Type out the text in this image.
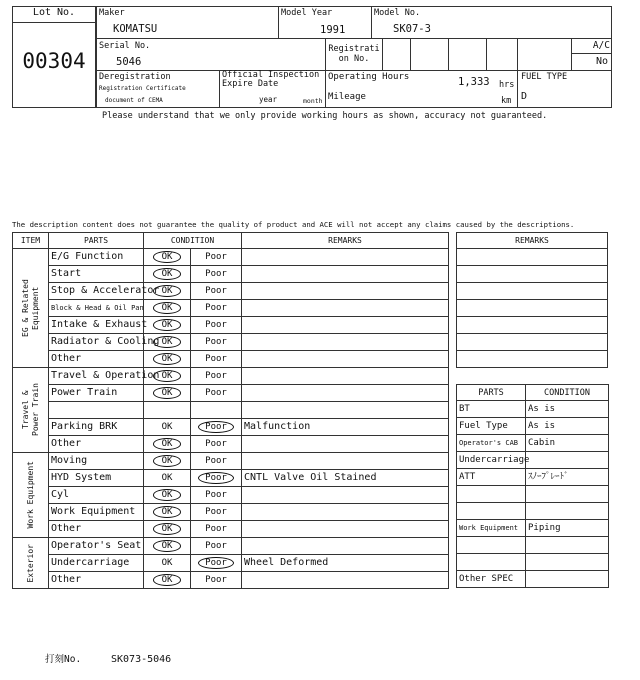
Lot No.
00304
Maker
KOMATSU
Model Year
1991
Model No.
SK07-3
Serial No.
5046
Registrati
on No.
A/C
No
Deregistration
Registration Certificate
document of CEMA
Official Inspection
Expire Date
year	month
Operating Hours	1,333 hrs
Mileage	km
FUEL TYPE
D
Please understand that we only provide working hours as shown, accuracy not guaranteed.
The description content does not guarantee the quality of product and ACE will not accept any claims caused by the descriptions.
ITEM	PARTS	CONDITION		REMARKS

EG & Related Equipment	E/G Function	OK	Poor	
	Start	OK	Poor	
	Stop & Accelerator	OK	Poor	
	Block & Head & Oil Pan	OK	Poor	
	Intake & Exhaust	OK	Poor	
	Radiator & Cooling	OK	Poor	
	Other	OK	Poor	

Travel & Power Train	Travel & Operation	OK	Poor	
	Power Train	OK	Poor	

	Parking BRK	OK	Poor	Malfunction
	Other	OK	Poor	

Work Equipment	Moving	OK	Poor	
	HYD System	OK	Poor	CNTL Valve Oil Stained
	Cyl	OK	Poor	
	Work Equipment	OK	Poor	
	Other	OK	Poor	

Exterior	Operator's Seat	OK	Poor	
	Undercarriage	OK	Poor	Wheel Deformed
	Other	OK	Poor	
REMARKS

PARTS	CONDITION
BT	As is
Fuel Type	As is
Operator's CAB	Cabin
Undercarriage	
ATT	ｽﾉｰﾌﾟﾚｰﾄﾞ

Work Equipment	Piping

Other SPEC	
打刻No.	SK073-5046
